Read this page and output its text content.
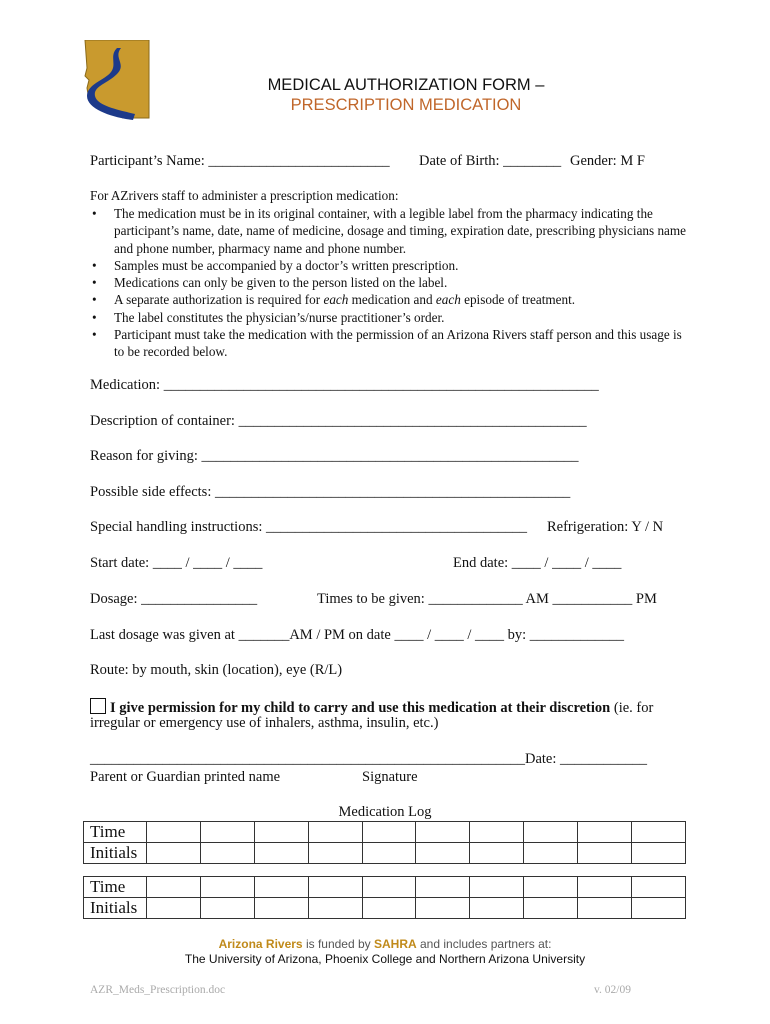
MEDICAL AUTHORIZATION FORM –
PRESCRIPTION MEDICATION
Participant’s Name: _________________________ Date of Birth: ________ Gender: M F
For AZrivers staff to administer a prescription medication:
• The medication must be in its original container, with a legible label from the pharmacy indicating the participant’s name, date, name of medicine, dosage and timing, expiration date, prescribing physicians name and phone number, pharmacy name and phone number.
• Samples must be accompanied by a doctor’s written prescription.
• Medications can only be given to the person listed on the label.
• A separate authorization is required for each medication and each episode of treatment.
• The label constitutes the physician’s/nurse practitioner’s order.
• Participant must take the medication with the permission of an Arizona Rivers staff person and this usage is to be recorded below.
Medication: ____________________________________________________________
Description of container: ________________________________________________
Reason for giving: ____________________________________________________
Possible side effects: _________________________________________________
Special handling instructions: ____________________________________ Refrigeration: Y / N
Start date: ____ / ____ / ____	End date: ____ / ____ / ____
Dosage: ________________	Times to be given: _____________ AM ___________ PM
Last dosage was given at _______AM / PM on date ____ / ____ / ____ by: _____________
Route: by mouth, skin (location), eye (R/L)
I give permission for my child to carry and use this medication at their discretion (ie. for
irregular or emergency use of inhalers, asthma, insulin, etc.)
____________________________________________________________Date: ____________
Parent or Guardian printed name	Signature
Medication Log
Time										
Initials										
Time										
Initials										
Arizona Rivers is funded by SAHRA and includes partners at:
The University of Arizona, Phoenix College and Northern Arizona University
AZR_Meds_Prescription.doc	v. 02/09
